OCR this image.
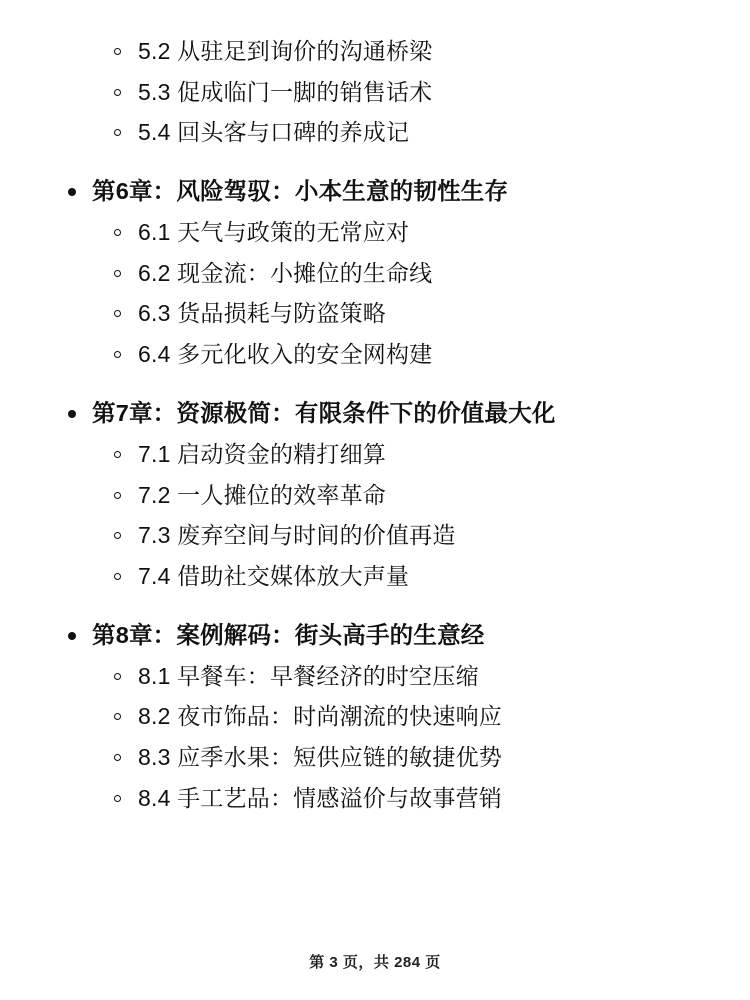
5.2 从驻足到询价的沟通桥梁
5.3 促成临门一脚的销售话术
5.4 回头客与口碑的养成记
第6章：风险驾驭：小本生意的韧性生存
6.1 天气与政策的无常应对
6.2 现金流：小摊位的生命线
6.3 货品损耗与防盗策略
6.4 多元化收入的安全网构建
第7章：资源极简：有限条件下的价值最大化
7.1 启动资金的精打细算
7.2 一人摊位的效率革命
7.3 废弃空间与时间的价值再造
7.4 借助社交媒体放大声量
第8章：案例解码：街头高手的生意经
8.1 早餐车：早餐经济的时空压缩
8.2 夜市饰品：时尚潮流的快速响应
8.3 应季水果：短供应链的敏捷优势
8.4 手工艺品：情感溢价与故事营销
第 3 页，共 284 页
